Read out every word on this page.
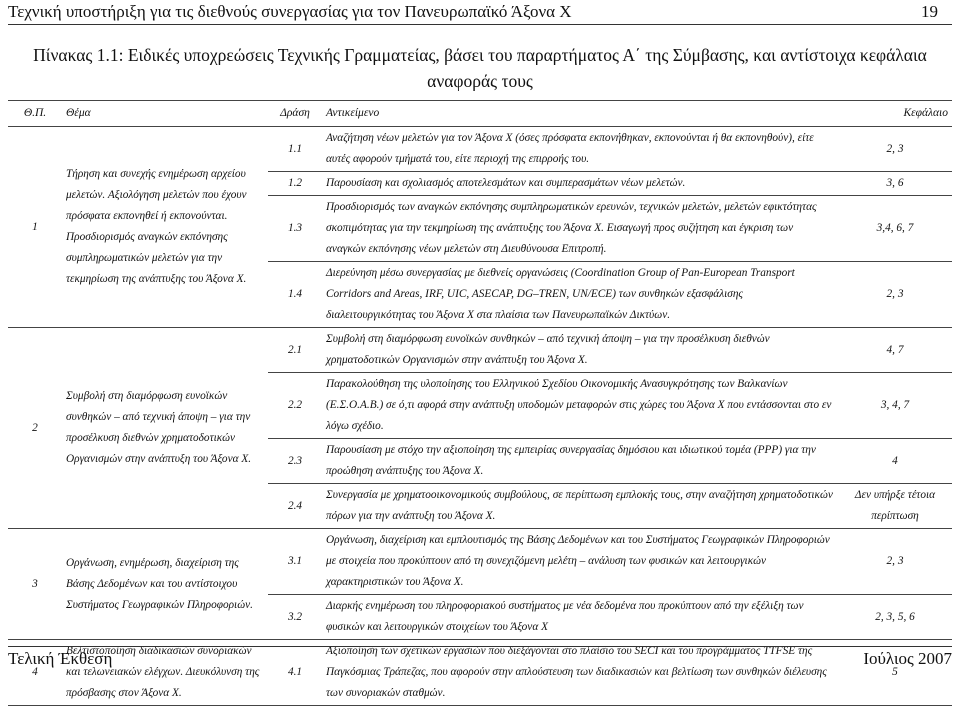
Τεχνική υποστήριξη για τις διεθνούς συνεργασίας για τον Πανευρωπαϊκό Άξονα Χ	19
Πίνακας 1.1: Ειδικές υποχρεώσεις Τεχνικής Γραμματείας, βάσει του παραρτήματος Α΄ της Σύμβασης, και αντίστοιχα κεφάλαια
αναφοράς τους
Θ.Π.	Θέμα	Δράση	Αντικείμενο	Κεφάλαιο
1	Τήρηση και συνεχής ενημέρωση αρχείου μελετών. Αξιολόγηση μελετών που έχουν πρόσφατα εκπονηθεί ή εκπονούνται. Προσδιορισμός αναγκών εκπόνησης συμπληρωματικών μελετών για την τεκμηρίωση της ανάπτυξης του Άξονα Χ.	1.1	Αναζήτηση νέων μελετών για τον Άξονα Χ (όσες πρόσφατα εκπονήθηκαν, εκπονούνται ή θα εκπονηθούν), είτε αυτές αφορούν τμήματά του, είτε περιοχή της επιρροής του.	2, 3
		1.2	Παρουσίαση και σχολιασμός αποτελεσμάτων και συμπερασμάτων νέων μελετών.	3, 6
		1.3	Προσδιορισμός των αναγκών εκπόνησης συμπληρωματικών ερευνών, τεχνικών μελετών, μελετών εφικτότητας σκοπιμότητας για την τεκμηρίωση της ανάπτυξης του Άξονα Χ. Εισαγωγή προς συζήτηση και έγκριση των αναγκών εκπόνησης νέων μελετών στη Διευθύνουσα Επιτροπή.	3,4, 6, 7
		1.4	Διερεύνηση μέσω συνεργασίας με διεθνείς οργανώσεις (Coordination Group of Pan-European Transport Corridors and Areas, IRF, UIC, ASECAP, DG–TREN, UN/ECE) των συνθηκών εξασφάλισης διαλειτουργικότητας του Άξονα Χ στα πλαίσια των Πανευρωπαϊκών Δικτύων.	2, 3
2	Συμβολή στη διαμόρφωση ευνοϊκών συνθηκών – από τεχνική άποψη – για την προσέλκυση διεθνών χρηματοδοτικών Οργανισμών στην ανάπτυξη του Άξονα Χ.	2.1	Συμβολή στη διαμόρφωση ευνοϊκών συνθηκών – από τεχνική άποψη – για την προσέλκυση διεθνών χρηματοδοτικών Οργανισμών στην ανάπτυξη του Άξονα Χ.	4, 7
		2.2	Παρακολούθηση της υλοποίησης του Ελληνικού Σχεδίου Οικονομικής Ανασυγκρότησης των Βαλκανίων (Ε.Σ.Ο.Α.Β.) σε ό,τι αφορά στην ανάπτυξη υποδομών μεταφορών στις χώρες του Άξονα Χ που εντάσσονται στο εν λόγω σχέδιο.	3, 4, 7
		2.3	Παρουσίαση με στόχο την αξιοποίηση της εμπειρίας συνεργασίας δημόσιου και ιδιωτικού τομέα (PPP) για την προώθηση ανάπτυξης του Άξονα Χ.	4
		2.4	Συνεργασία με χρηματοοικονομικούς συμβούλους, σε περίπτωση εμπλοκής τους, στην αναζήτηση χρηματοδοτικών πόρων για την ανάπτυξη του Άξονα Χ.	Δεν υπήρξε τέτοια περίπτωση
3	Οργάνωση, ενημέρωση, διαχείριση της Βάσης Δεδομένων και του αντίστοιχου Συστήματος Γεωγραφικών Πληροφοριών.	3.1	Οργάνωση, διαχείριση και εμπλουτισμός της Βάσης Δεδομένων και του Συστήματος Γεωγραφικών Πληροφοριών με στοιχεία που προκύπτουν από τη συνεχιζόμενη μελέτη – ανάλυση των φυσικών και λειτουργικών χαρακτηριστικών του Άξονα Χ.	2, 3
		3.2	Διαρκής ενημέρωση του πληροφοριακού συστήματος με νέα δεδομένα που προκύπτουν από την εξέλιξη των φυσικών και λειτουργικών στοιχείων του Άξονα Χ	2, 3, 5, 6
4	Βελτιστοποίηση διαδικασιών συνοριακών και τελωνειακών ελέγχων. Διευκόλυνση της πρόσβασης στον Άξονα Χ.	4.1	Αξιοποίηση των σχετικών εργασιών που διεξάγονται στο πλαίσιο του SECI και του προγράμματος TTFSE της Παγκόσμιας Τράπεζας, που αφορούν στην απλούστευση των διαδικασιών και βελτίωση των συνθηκών διέλευσης των συνοριακών σταθμών.	5
Τελική Έκθεση	Ιούλιος 2007
